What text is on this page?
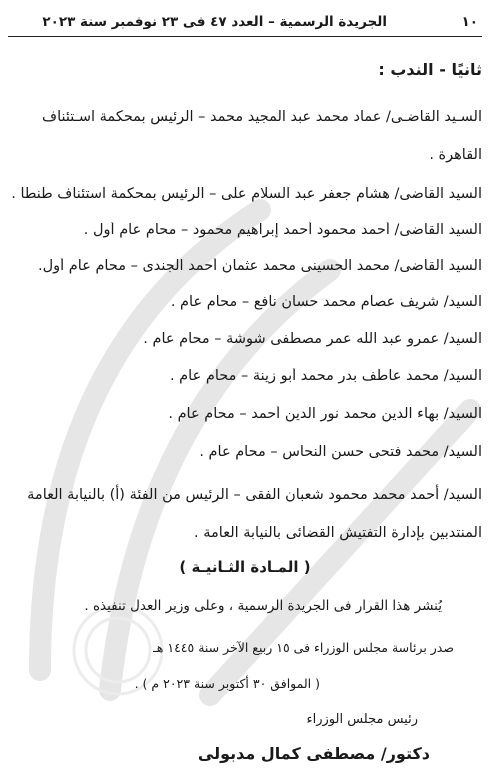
١٠
الجريدة الرسمية – العدد ٤٧ فى ٢٣ نوفمبر سنة ٢٠٢٣
ثانيًا - الندب :
السـيد القاضـى/ عماد محمد عبد المجيد محمد – الرئيس بمحكمة اسـتئناف القاهرة .
السيد القاضى/ هشام جعفر عبد السلام على – الرئيس بمحكمة استئناف طنطا .
السيد القاضى/ أحمد محمود أحمد إبراهيم محمود – محامٍ عام أول .
السيد القاضى/ محمد الحسينى محمد عثمان أحمد الجندى – محامٍ عام أول.
السيد/ شريف عصام محمد حسان نافع – محامٍ عام .
السيد/ عمرو عبد الله عمر مصطفى شوشة – محامٍ عام .
السيد/ محمد عاطف بدر محمد أبو زينة – محامٍ عام .
السيد/ بهاء الدين محمد نور الدين أحمد – محامٍ عام .
السيد/ محمد فتحى حسن النحاس – محامٍ عام .
السيد/ أحمد محمد محمود شعبان الفقى – الرئيس من الفئة (أ) بالنيابة العامة المنتدبين بإدارة التفتيش القضائى بالنيابة العامة .
( المـادة الثـانيـة )
يُنشر هذا القرار فى الجريدة الرسمية ، وعلى وزير العدل تنفيذه .
صدر برئاسة مجلس الوزراء فى ١٥ ربيع الآخر سنة ١٤٤٥ هـ
( الموافق ٣٠ أكتوبر سنة ٢٠٢٣ م ) .
رئيس مجلس الوزراء
دكتور/ مصطفى كمال مدبولى
